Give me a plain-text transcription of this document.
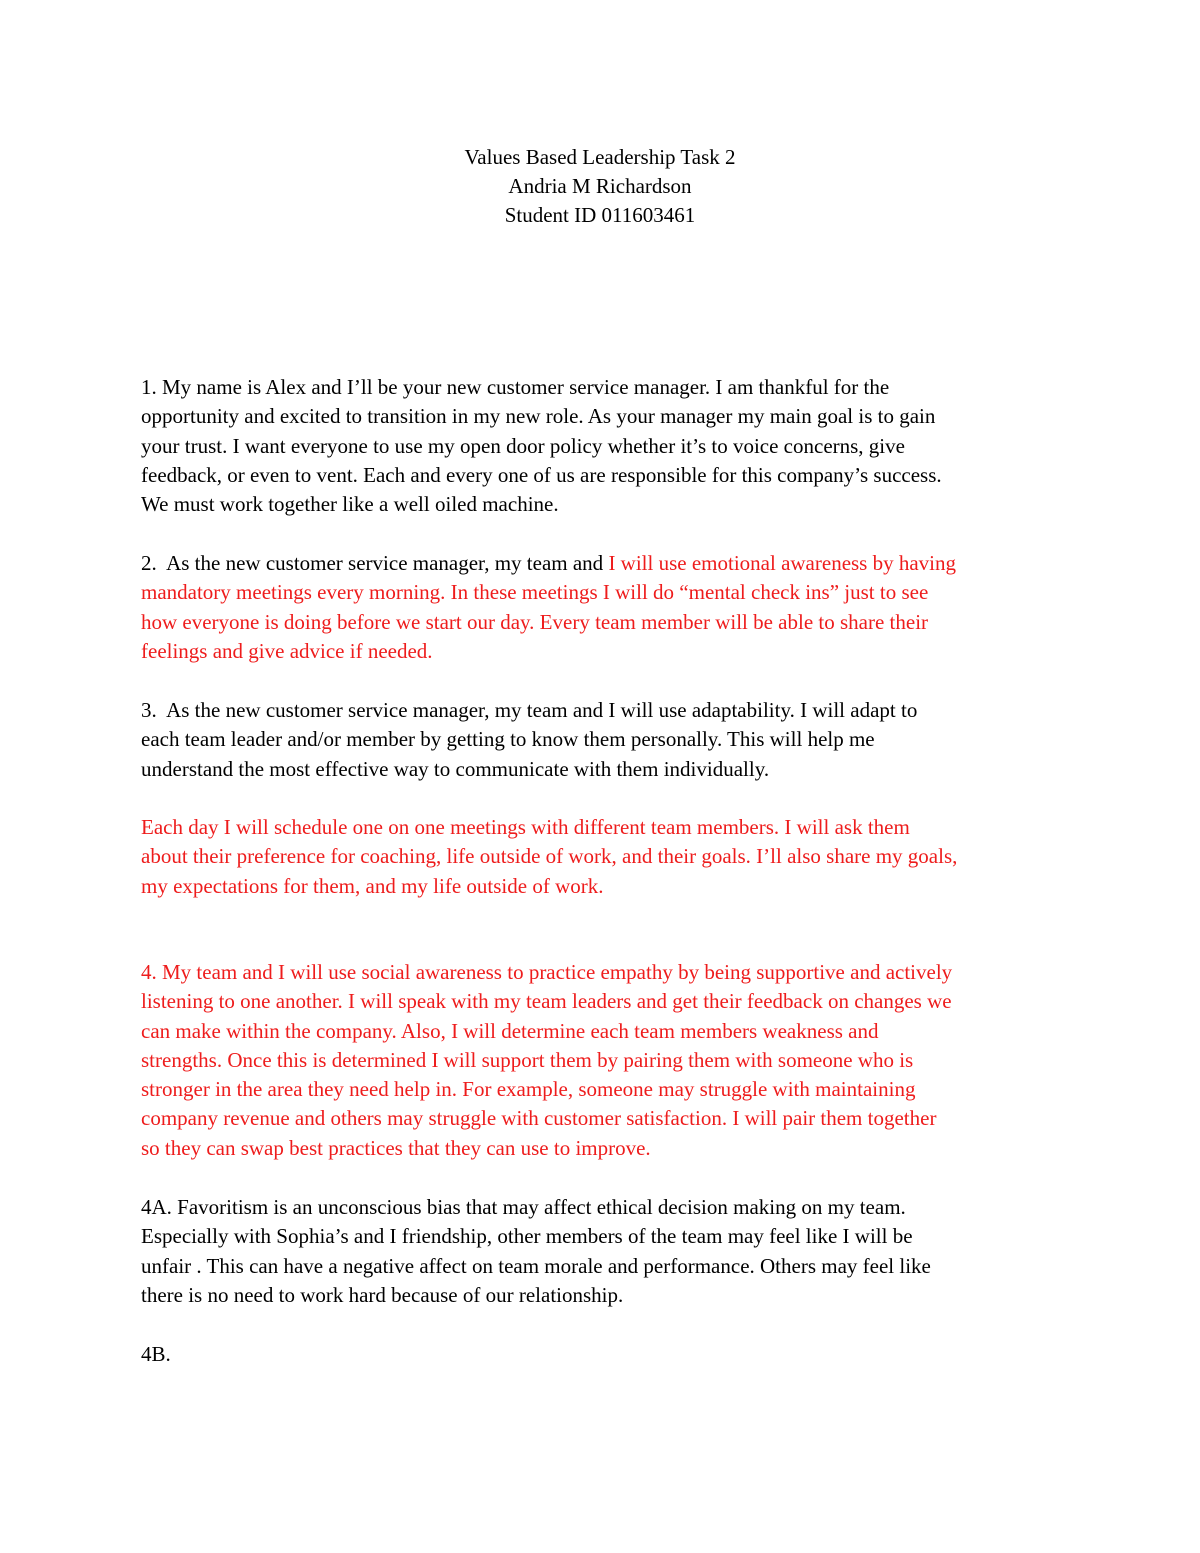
Values Based Leadership Task 2
Andria M Richardson
Student ID 011603461
1. My name is Alex and I’ll be your new customer service manager. I am thankful for the
opportunity and excited to transition in my new role. As your manager my main goal is to gain
your trust. I want everyone to use my open door policy whether it’s to voice concerns, give
feedback, or even to vent. Each and every one of us are responsible for this company’s success.
We must work together like a well oiled machine.
2.  As the new customer service manager, my team and I will use emotional awareness by having
mandatory meetings every morning. In these meetings I will do “mental check ins” just to see
how everyone is doing before we start our day. Every team member will be able to share their
feelings and give advice if needed.
3.  As the new customer service manager, my team and I will use adaptability. I will adapt to
each team leader and/or member by getting to know them personally. This will help me
understand the most effective way to communicate with them individually.
Each day I will schedule one on one meetings with different team members. I will ask them
about their preference for coaching, life outside of work, and their goals. I’ll also share my goals,
my expectations for them, and my life outside of work.
4. My team and I will use social awareness to practice empathy by being supportive and actively
listening to one another. I will speak with my team leaders and get their feedback on changes we
can make within the company. Also, I will determine each team members weakness and
strengths. Once this is determined I will support them by pairing them with someone who is
stronger in the area they need help in. For example, someone may struggle with maintaining
company revenue and others may struggle with customer satisfaction. I will pair them together
so they can swap best practices that they can use to improve.
4A. Favoritism is an unconscious bias that may affect ethical decision making on my team.
Especially with Sophia’s and I friendship, other members of the team may feel like I will be
unfair . This can have a negative affect on team morale and performance. Others may feel like
there is no need to work hard because of our relationship.
4B.
